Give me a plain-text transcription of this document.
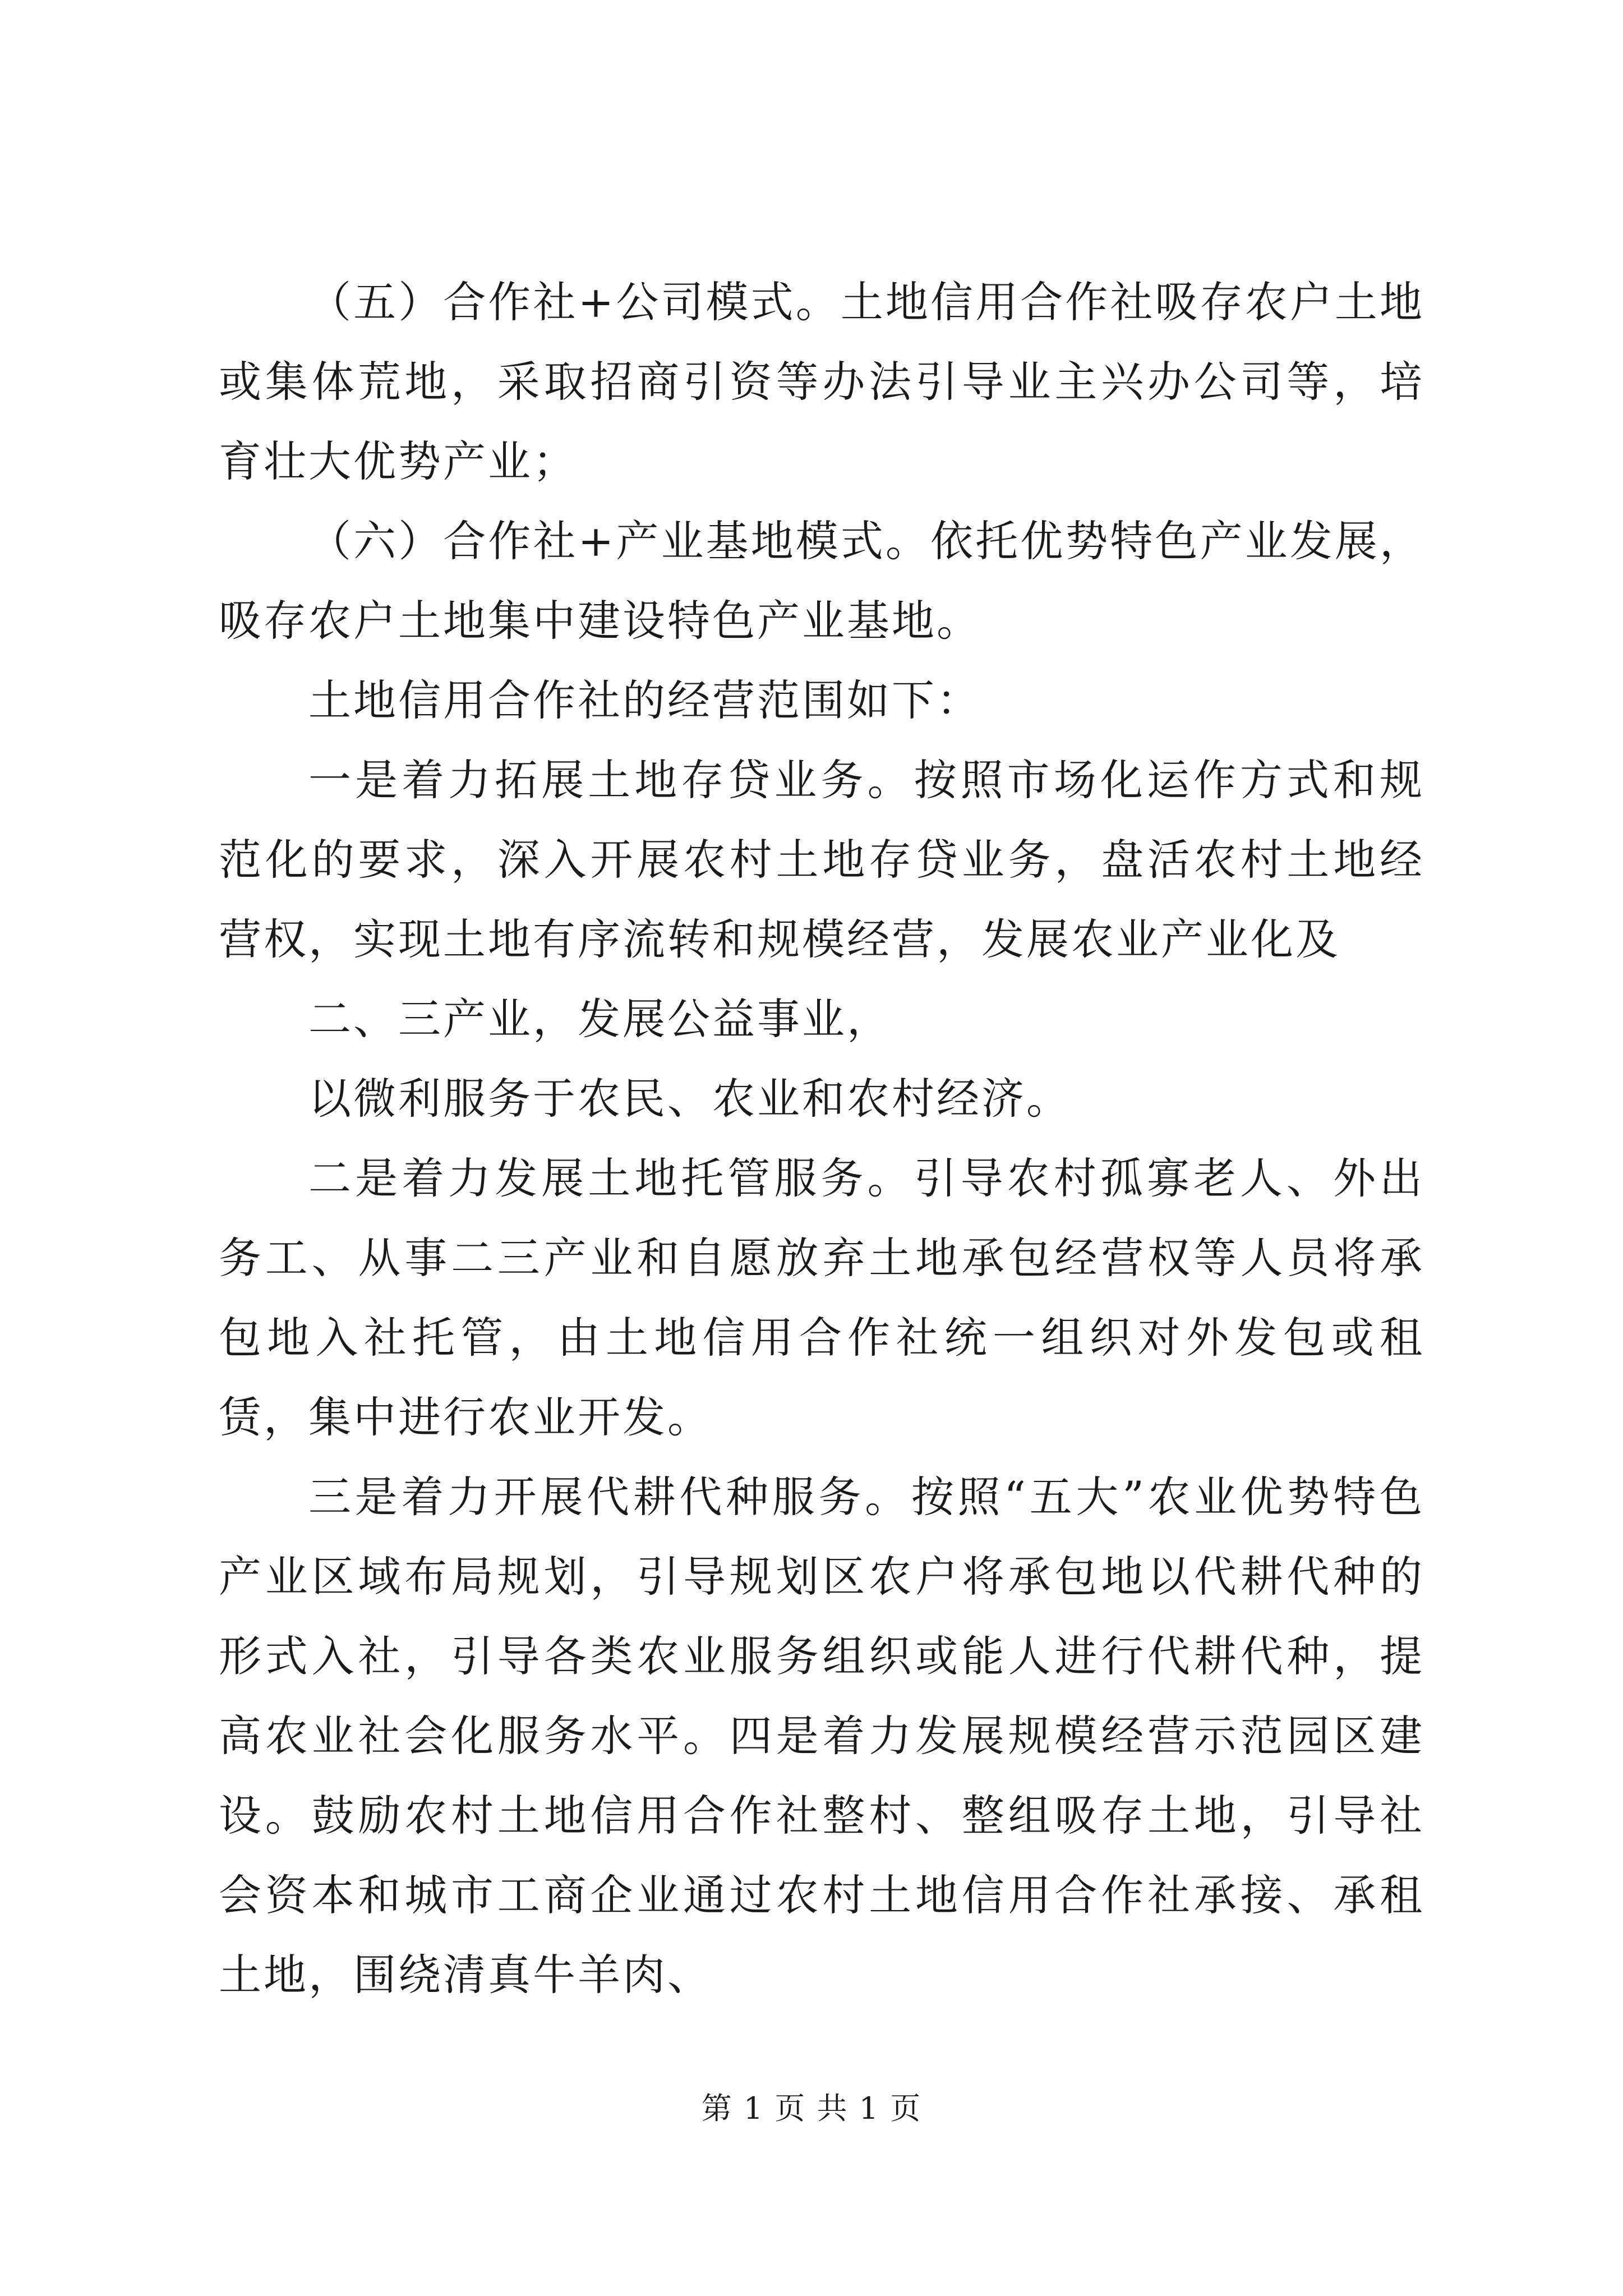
（五）合作社+公司模式。土地信用合作社吸存农户土地或集体荒地，采取招商引资等办法引导业主兴办公司等，培育壮大优势产业；

（六）合作社+产业基地模式。依托优势特色产业发展，吸存农户土地集中建设特色产业基地。

土地信用合作社的经营范围如下：

一是着力拓展土地存贷业务。按照市场化运作方式和规范化的要求，深入开展农村土地存贷业务，盘活农村土地经营权，实现土地有序流转和规模经营，发展农业产业化及

二、三产业，发展公益事业，

以微利服务于农民、农业和农村经济。

二是着力发展土地托管服务。引导农村孤寡老人、外出务工、从事二三产业和自愿放弃土地承包经营权等人员将承包地入社托管，由土地信用合作社统一组织对外发包或租赁，集中进行农业开发。

三是着力开展代耕代种服务。按照“五大”农业优势特色产业区域布局规划，引导规划区农户将承包地以代耕代种的形式入社，引导各类农业服务组织或能人进行代耕代种，提高农业社会化服务水平。四是着力发展规模经营示范园区建设。鼓励农村土地信用合作社整村、整组吸存土地，引导社会资本和城市工商企业通过农村土地信用合作社承接、承租土地，围绕清真牛羊肉、

第 1 页 共 1 页
